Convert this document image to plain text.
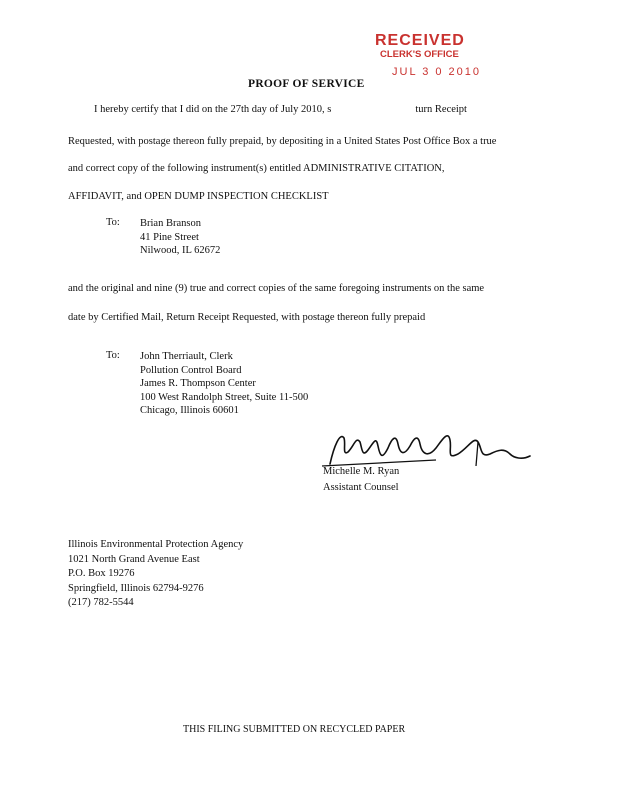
RECEIVED
CLERK'S OFFICE
JUL 3 0 2010
PROOF OF SERVICE
I hereby certify that I did on the 27th day of July 2010, s                                turn Receipt
Requested, with postage thereon fully prepaid, by depositing in a United States Post Office Box a true
and correct copy of the following instrument(s) entitled ADMINISTRATIVE CITATION,
AFFIDAVIT, and OPEN DUMP INSPECTION CHECKLIST
To: Brian Branson
41 Pine Street
Nilwood, IL 62672
and the original and nine (9) true and correct copies of the same foregoing instruments on the same
date by Certified Mail, Return Receipt Requested, with postage thereon fully prepaid
To: John Therriault, Clerk
Pollution Control Board
James R. Thompson Center
100 West Randolph Street, Suite 11-500
Chicago, Illinois 60601
Michelle M. Ryan
Assistant Counsel
Illinois Environmental Protection Agency
1021 North Grand Avenue East
P.O. Box 19276
Springfield, Illinois 62794-9276
(217) 782-5544
THIS FILING SUBMITTED ON RECYCLED PAPER
